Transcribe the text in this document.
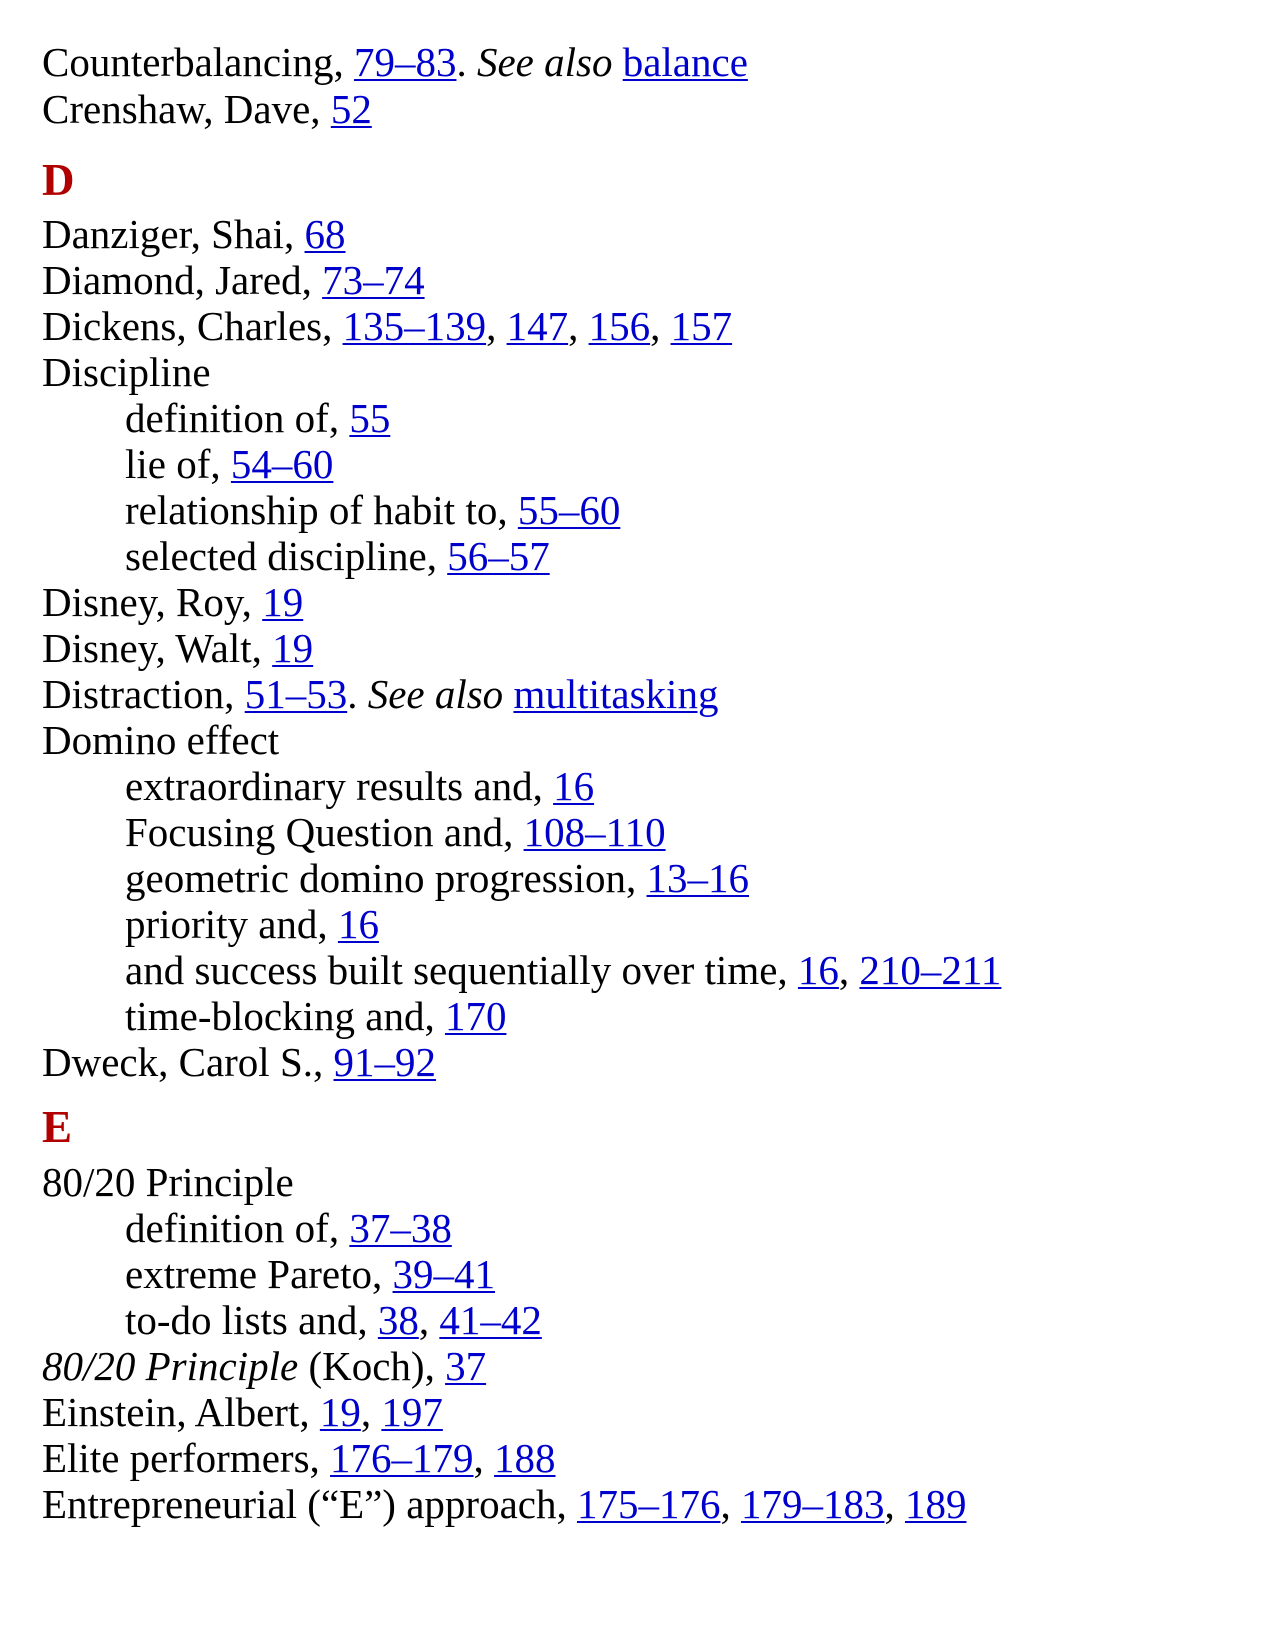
Counterbalancing, 79–83. See also balance
Crenshaw, Dave, 52
D
Danziger, Shai, 68
Diamond, Jared, 73–74
Dickens, Charles, 135–139, 147, 156, 157
Discipline
definition of, 55
lie of, 54–60
relationship of habit to, 55–60
selected discipline, 56–57
Disney, Roy, 19
Disney, Walt, 19
Distraction, 51–53. See also multitasking
Domino effect
extraordinary results and, 16
Focusing Question and, 108–110
geometric domino progression, 13–16
priority and, 16
and success built sequentially over time, 16, 210–211
time-blocking and, 170
Dweck, Carol S., 91–92
E
80/20 Principle
definition of, 37–38
extreme Pareto, 39–41
to-do lists and, 38, 41–42
80/20 Principle (Koch), 37
Einstein, Albert, 19, 197
Elite performers, 176–179, 188
Entrepreneurial (“E”) approach, 175–176, 179–183, 189
